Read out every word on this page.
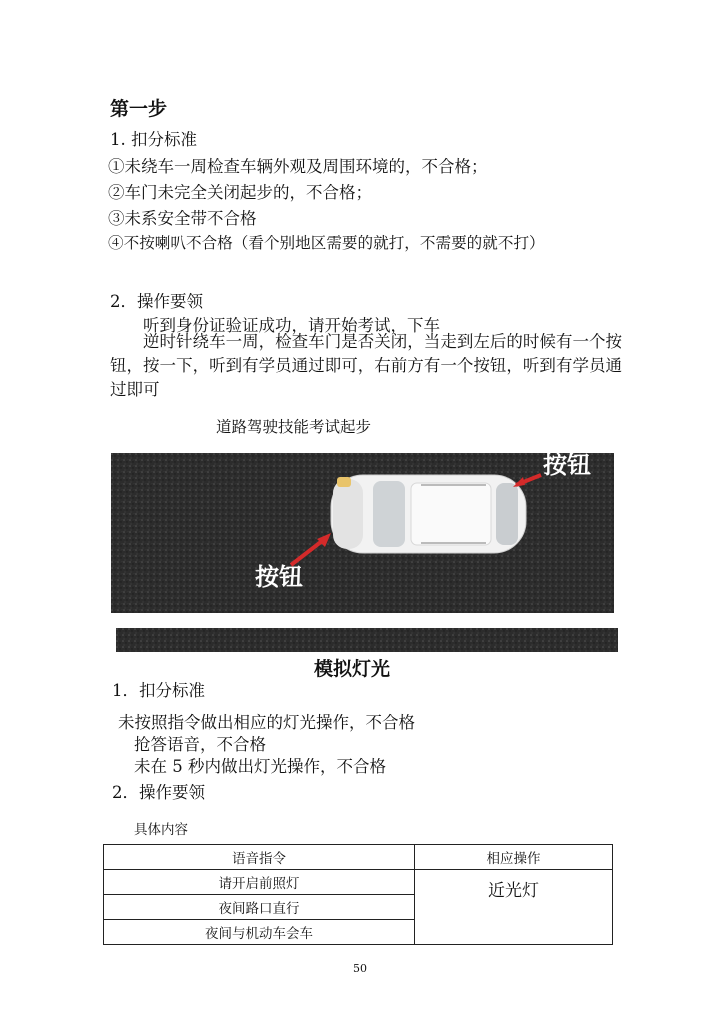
第一步
1. 扣分标准
①未绕车一周检查车辆外观及周围环境的，不合格；
②车门未完全关闭起步的，不合格；
③未系安全带不合格
④不按喇叭不合格（看个别地区需要的就打，不需要的就不打）
2．操作要领
听到身份证验证成功，请开始考试，下车
逆时针绕车一周，检查车门是否关闭，当走到左后的时候有一个按钮，按一下，听到有学员通过即可，右前方有一个按钮，听到有学员通过即可
道路驾驶技能考试起步
按钮
按钮
模拟灯光
1．扣分标准
未按照指令做出相应的灯光操作，不合格
抢答语音，不合格
未在 5 秒内做出灯光操作，不合格
2．操作要领
具体内容
语音指令	相应操作
请开启前照灯	近光灯
夜间路口直行	
夜间与机动车会车	
50
